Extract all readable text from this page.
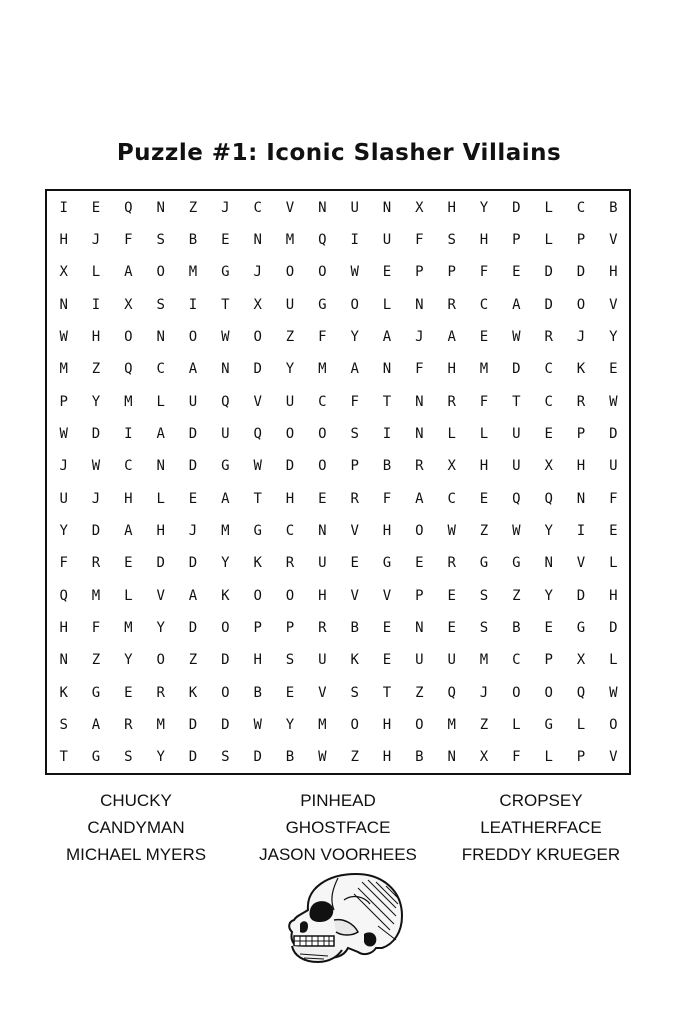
Puzzle #1: Iconic Slasher Villains
I	E	Q	N	Z	J	C	V	N	U	N	X	H	Y	D	L	C	B
H	J	F	S	B	E	N	M	Q	I	U	F	S	H	P	L	P	V
X	L	A	O	M	G	J	O	O	W	E	P	P	F	E	D	D	H
N	I	X	S	I	T	X	U	G	O	L	N	R	C	A	D	O	V
W	H	O	N	O	W	O	Z	F	Y	A	J	A	E	W	R	J	Y
M	Z	Q	C	A	N	D	Y	M	A	N	F	H	M	D	C	K	E
P	Y	M	L	U	Q	V	U	C	F	T	N	R	F	T	C	R	W
W	D	I	A	D	U	Q	O	O	S	I	N	L	L	U	E	P	D
J	W	C	N	D	G	W	D	O	P	B	R	X	H	U	X	H	U
U	J	H	L	E	A	T	H	E	R	F	A	C	E	Q	Q	N	F
Y	D	A	H	J	M	G	C	N	V	H	O	W	Z	W	Y	I	E
F	R	E	D	D	Y	K	R	U	E	G	E	R	G	G	N	V	L
Q	M	L	V	A	K	O	O	H	V	V	P	E	S	Z	Y	D	H
H	F	M	Y	D	O	P	P	R	B	E	N	E	S	B	E	G	D
N	Z	Y	O	Z	D	H	S	U	K	E	U	U	M	C	P	X	L
K	G	E	R	K	O	B	E	V	S	T	Z	Q	J	O	O	Q	W
S	A	R	M	D	D	W	Y	M	O	H	O	M	Z	L	G	L	O
T	G	S	Y	D	S	D	B	W	Z	H	B	N	X	F	L	P	V
CHUCKY
CANDYMAN
MICHAEL MYERS
PINHEAD
GHOSTFACE
JASON VOORHEES
CROPSEY
LEATHERFACE
FREDDY KRUEGER
